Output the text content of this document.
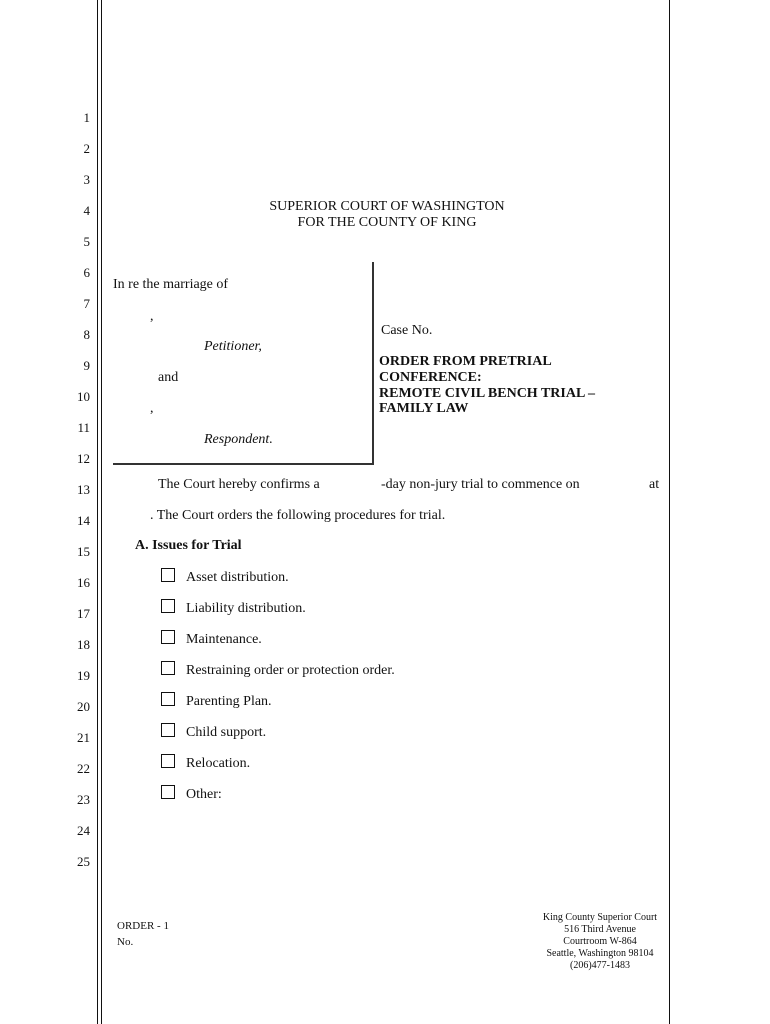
1
2
3
4
5
6
7
8
9
10
11
12
13
14
15
16
17
18
19
20
21
22
23
24
25
SUPERIOR COURT OF WASHINGTON
FOR THE COUNTY OF KING
In re the marriage of
,
Petitioner,
and
,
Respondent.
Case No.
ORDER FROM PRETRIAL
CONFERENCE:
REMOTE CIVIL BENCH TRIAL –
FAMILY LAW
The Court hereby confirms a	-day non-jury trial to commence on	at
. The Court orders the following procedures for trial.
A. Issues for Trial
Asset distribution.
Liability distribution.
Maintenance.
Restraining order or protection order.
Parenting Plan.
Child support.
Relocation.
Other:
ORDER - 1
No.
King County Superior Court
516 Third Avenue
Courtroom W-864
Seattle, Washington 98104
(206)477-1483
